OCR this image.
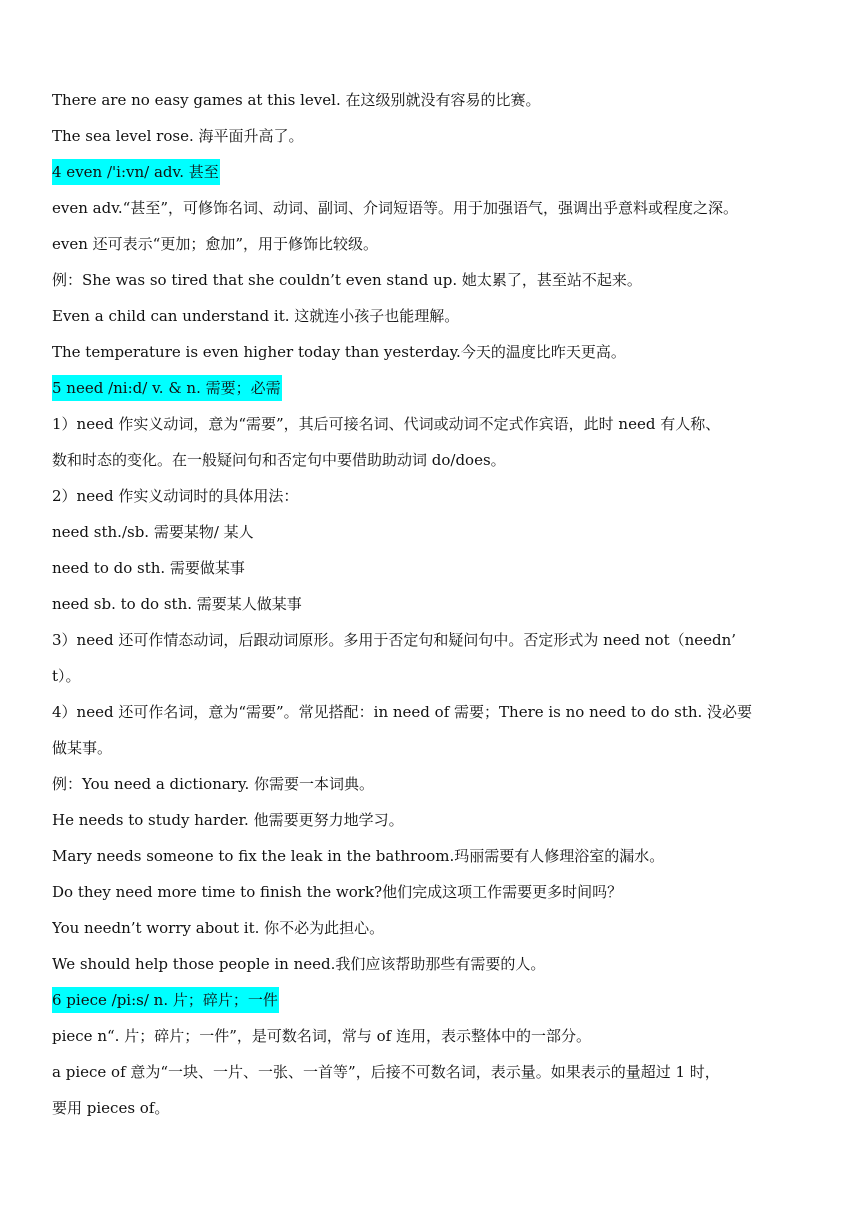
There are no easy games at this level. 在这级别就没有容易的比赛。
The sea level rose. 海平面升高了。
4 even /'i:vn/ adv. 甚至
even adv.“甚至”，可修饰名词、动词、副词、介词短语等。用于加强语气，强调出乎意料或程度之深。
even 还可表示“更加；愈加”，用于修饰比较级。
例：She was so tired that she couldn’t even stand up. 她太累了，甚至站不起来。
Even a child can understand it. 这就连小孩子也能理解。
The temperature is even higher today than yesterday.今天的温度比昨天更高。
5 need /ni:d/ v. & n. 需要；必需
1）need 作实义动词，意为“需要”，其后可接名词、代词或动词不定式作宾语，此时 need 有人称、
数和时态的变化。在一般疑问句和否定句中要借助助动词 do/does。
2）need 作实义动词时的具体用法：
need sth./sb. 需要某物/ 某人
need to do sth. 需要做某事
need sb. to do sth. 需要某人做某事
3）need 还可作情态动词，后跟动词原形。多用于否定句和疑问句中。否定形式为 need not（needn’
t）。
4）need 还可作名词，意为“需要”。常见搭配：in need of 需要；There is no need to do sth. 没必要
做某事。
例：You need a dictionary. 你需要一本词典。
He needs to study harder. 他需要更努力地学习。
Mary needs someone to fix the leak in the bathroom.玛丽需要有人修理浴室的漏水。
Do they need more time to finish the work?他们完成这项工作需要更多时间吗？
You needn’t worry about it. 你不必为此担心。
We should help those people in need.我们应该帮助那些有需要的人。
6 piece /pi:s/ n. 片；碎片；一件
piece n“. 片；碎片；一件”，是可数名词，常与 of 连用，表示整体中的一部分。
a piece of 意为“一块、一片、一张、一首等”，后接不可数名词，表示量。如果表示的量超过 1 时，
要用 pieces of。
